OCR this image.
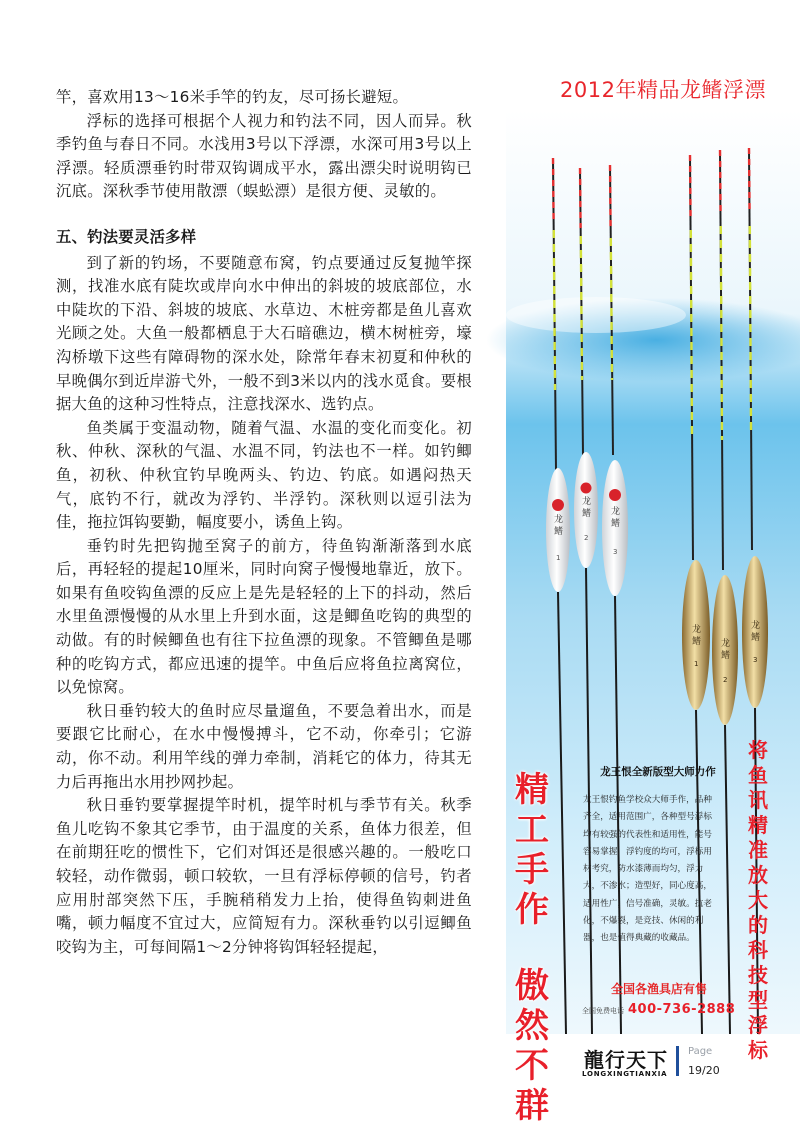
竿，喜欢用13～16米手竿的钓友，尽可扬长避短。

浮标的选择可根据个人视力和钓法不同，因人而异。秋季钓鱼与春日不同。水浅用3号以下浮漂，水深可用3号以上浮漂。轻质漂垂钓时带双钩调成平水，露出漂尖时说明钩已沉底。深秋季节使用散漂（蜈蚣漂）是很方便、灵敏的。

五、钓法要灵活多样

到了新的钓场，不要随意布窝，钓点要通过反复抛竿探测，找准水底有陡坎或岸向水中伸出的斜坡的坡底部位，水中陡坎的下沿、斜坡的坡底、水草边、木桩旁都是鱼儿喜欢光顾之处。大鱼一般都栖息于大石暗礁边，横木树桩旁，壕沟桥墩下这些有障碍物的深水处，除常年春末初夏和仲秋的早晚偶尔到近岸游弋外，一般不到3米以内的浅水觅食。要根据大鱼的这种习性特点，注意找深水、选钓点。

鱼类属于变温动物，随着气温、水温的变化而变化。初秋、仲秋、深秋的气温、水温不同，钓法也不一样。如钓鲫鱼，初秋、仲秋宜钓早晚两头、钓边、钓底。如遇闷热天气，底钓不行，就改为浮钓、半浮钓。深秋则以逗引法为佳，拖拉饵钩要勤，幅度要小，诱鱼上钩。

垂钓时先把钩抛至窝子的前方，待鱼钩渐渐落到水底后，再轻轻的提起10厘米，同时向窝子慢慢地靠近，放下。如果有鱼咬钩鱼漂的反应上是先是轻轻的上下的抖动，然后水里鱼漂慢慢的从水里上升到水面，这是鲫鱼吃钩的典型的动做。有的时候鲫鱼也有往下拉鱼漂的现象。不管鲫鱼是哪种的吃钩方式，都应迅速的提竿。中鱼后应将鱼拉离窝位，以免惊窝。

秋日垂钓较大的鱼时应尽量遛鱼，不要急着出水，而是要跟它比耐心，在水中慢慢搏斗，它不动，你牵引；它游动，你不动。利用竿线的弹力牵制，消耗它的体力，待其无力后再拖出水用抄网抄起。

秋日垂钓要掌握提竿时机，提竿时机与季节有关。秋季鱼儿吃钩不象其它季节，由于温度的关系，鱼体力很差，但在前期狂吃的惯性下，它们对饵还是很感兴趣的。一般吃口较轻，动作微弱，顿口较软，一旦有浮标停顿的信号，钓者应用肘部突然下压，手腕稍稍发力上抬，使得鱼钩刺进鱼嘴，顿力幅度不宜过大，应简短有力。深秋垂钓以引逗鲫鱼咬钩为主，可每间隔1～2分钟将钩饵轻轻提起，

2012年精品龙鳍浮漂
龙
鳍
1
龙
鳍
2
龙
鳍
3
龙
鳍
1
龙
鳍
2
龙
鳍
3
精工手作
傲然不群
将鱼讯精准放大的科技型浮标
龙王恨全新版型大师力作
龙王恨钓鱼学校众大师手作，品种齐全，适用范围广，各种型号浮标均有较强的代表性和适用性，能号容易掌握，浮钓度的均可，浮标用材考究，防水漆薄而均匀，浮力大，不渗水；造型好，同心度高，适用性广，信号准确，灵敏。抗老化，不爆裂，是竞技、休闲的利器，也是值得典藏的收藏品。
全国各渔具店有售
全国免费电话 400-736-2888
龍行天下
LONGXINGTIANXIA
Page
19/20
